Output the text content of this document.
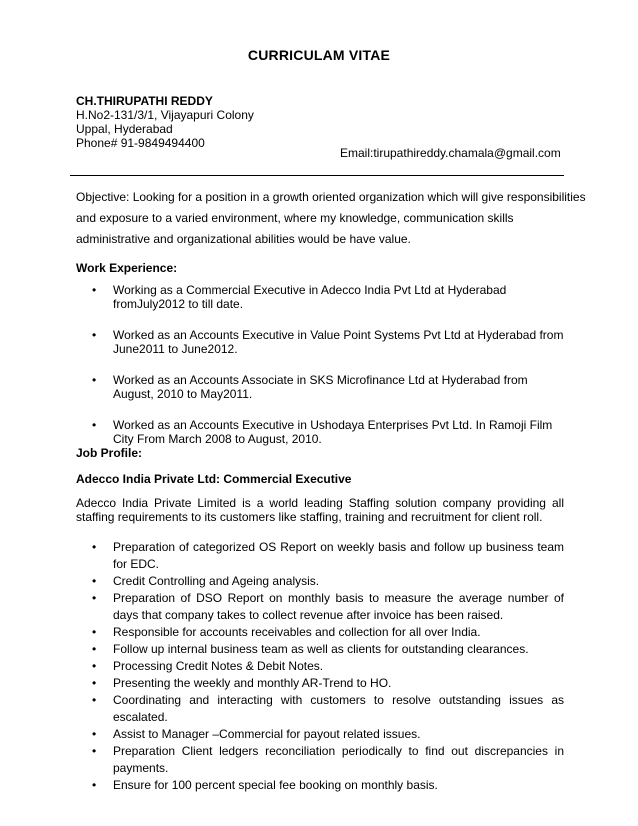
CURRICULAM VITAE
CH.THIRUPATHI REDDY
H.No2-131/3/1, Vijayapuri Colony
Uppal, Hyderabad
Phone# 91-9849494400
Email:tirupathireddy.chamala@gmail.com
Objective: Looking for a position in a growth oriented organization which will give responsibilities
and exposure to a varied environment, where my knowledge, communication skills
administrative and organizational abilities would be have value.
Work Experience:
• Working as a Commercial Executive in Adecco India Pvt Ltd at Hyderabad fromJuly2012 to till date.
• Worked as an Accounts Executive in Value Point Systems Pvt Ltd at Hyderabad from June2011 to June2012.
• Worked as an Accounts Associate in SKS Microfinance Ltd at Hyderabad from August, 2010 to May2011.
• Worked as an Accounts Executive in Ushodaya Enterprises Pvt Ltd. In Ramoji Film City From March 2008 to August, 2010.
Job Profile:
Adecco India Private Ltd: Commercial Executive
Adecco India Private Limited is a world leading Staffing solution company providing all staffing requirements to its customers like staffing, training and recruitment for client roll.
• Preparation of categorized OS Report on weekly basis and follow up business team for EDC.
• Credit Controlling and Ageing analysis.
• Preparation of DSO Report on monthly basis to measure the average number of days that company takes to collect revenue after invoice has been raised.
• Responsible for accounts receivables and collection for all over India.
• Follow up internal business team as well as clients for outstanding clearances.
• Processing Credit Notes & Debit Notes.
• Presenting the weekly and monthly AR-Trend to HO.
• Coordinating and interacting with customers to resolve outstanding issues as escalated.
• Assist to Manager –Commercial for payout related issues.
• Preparation Client ledgers reconciliation periodically to find out discrepancies in payments.
• Ensure for 100 percent special fee booking on monthly basis.
